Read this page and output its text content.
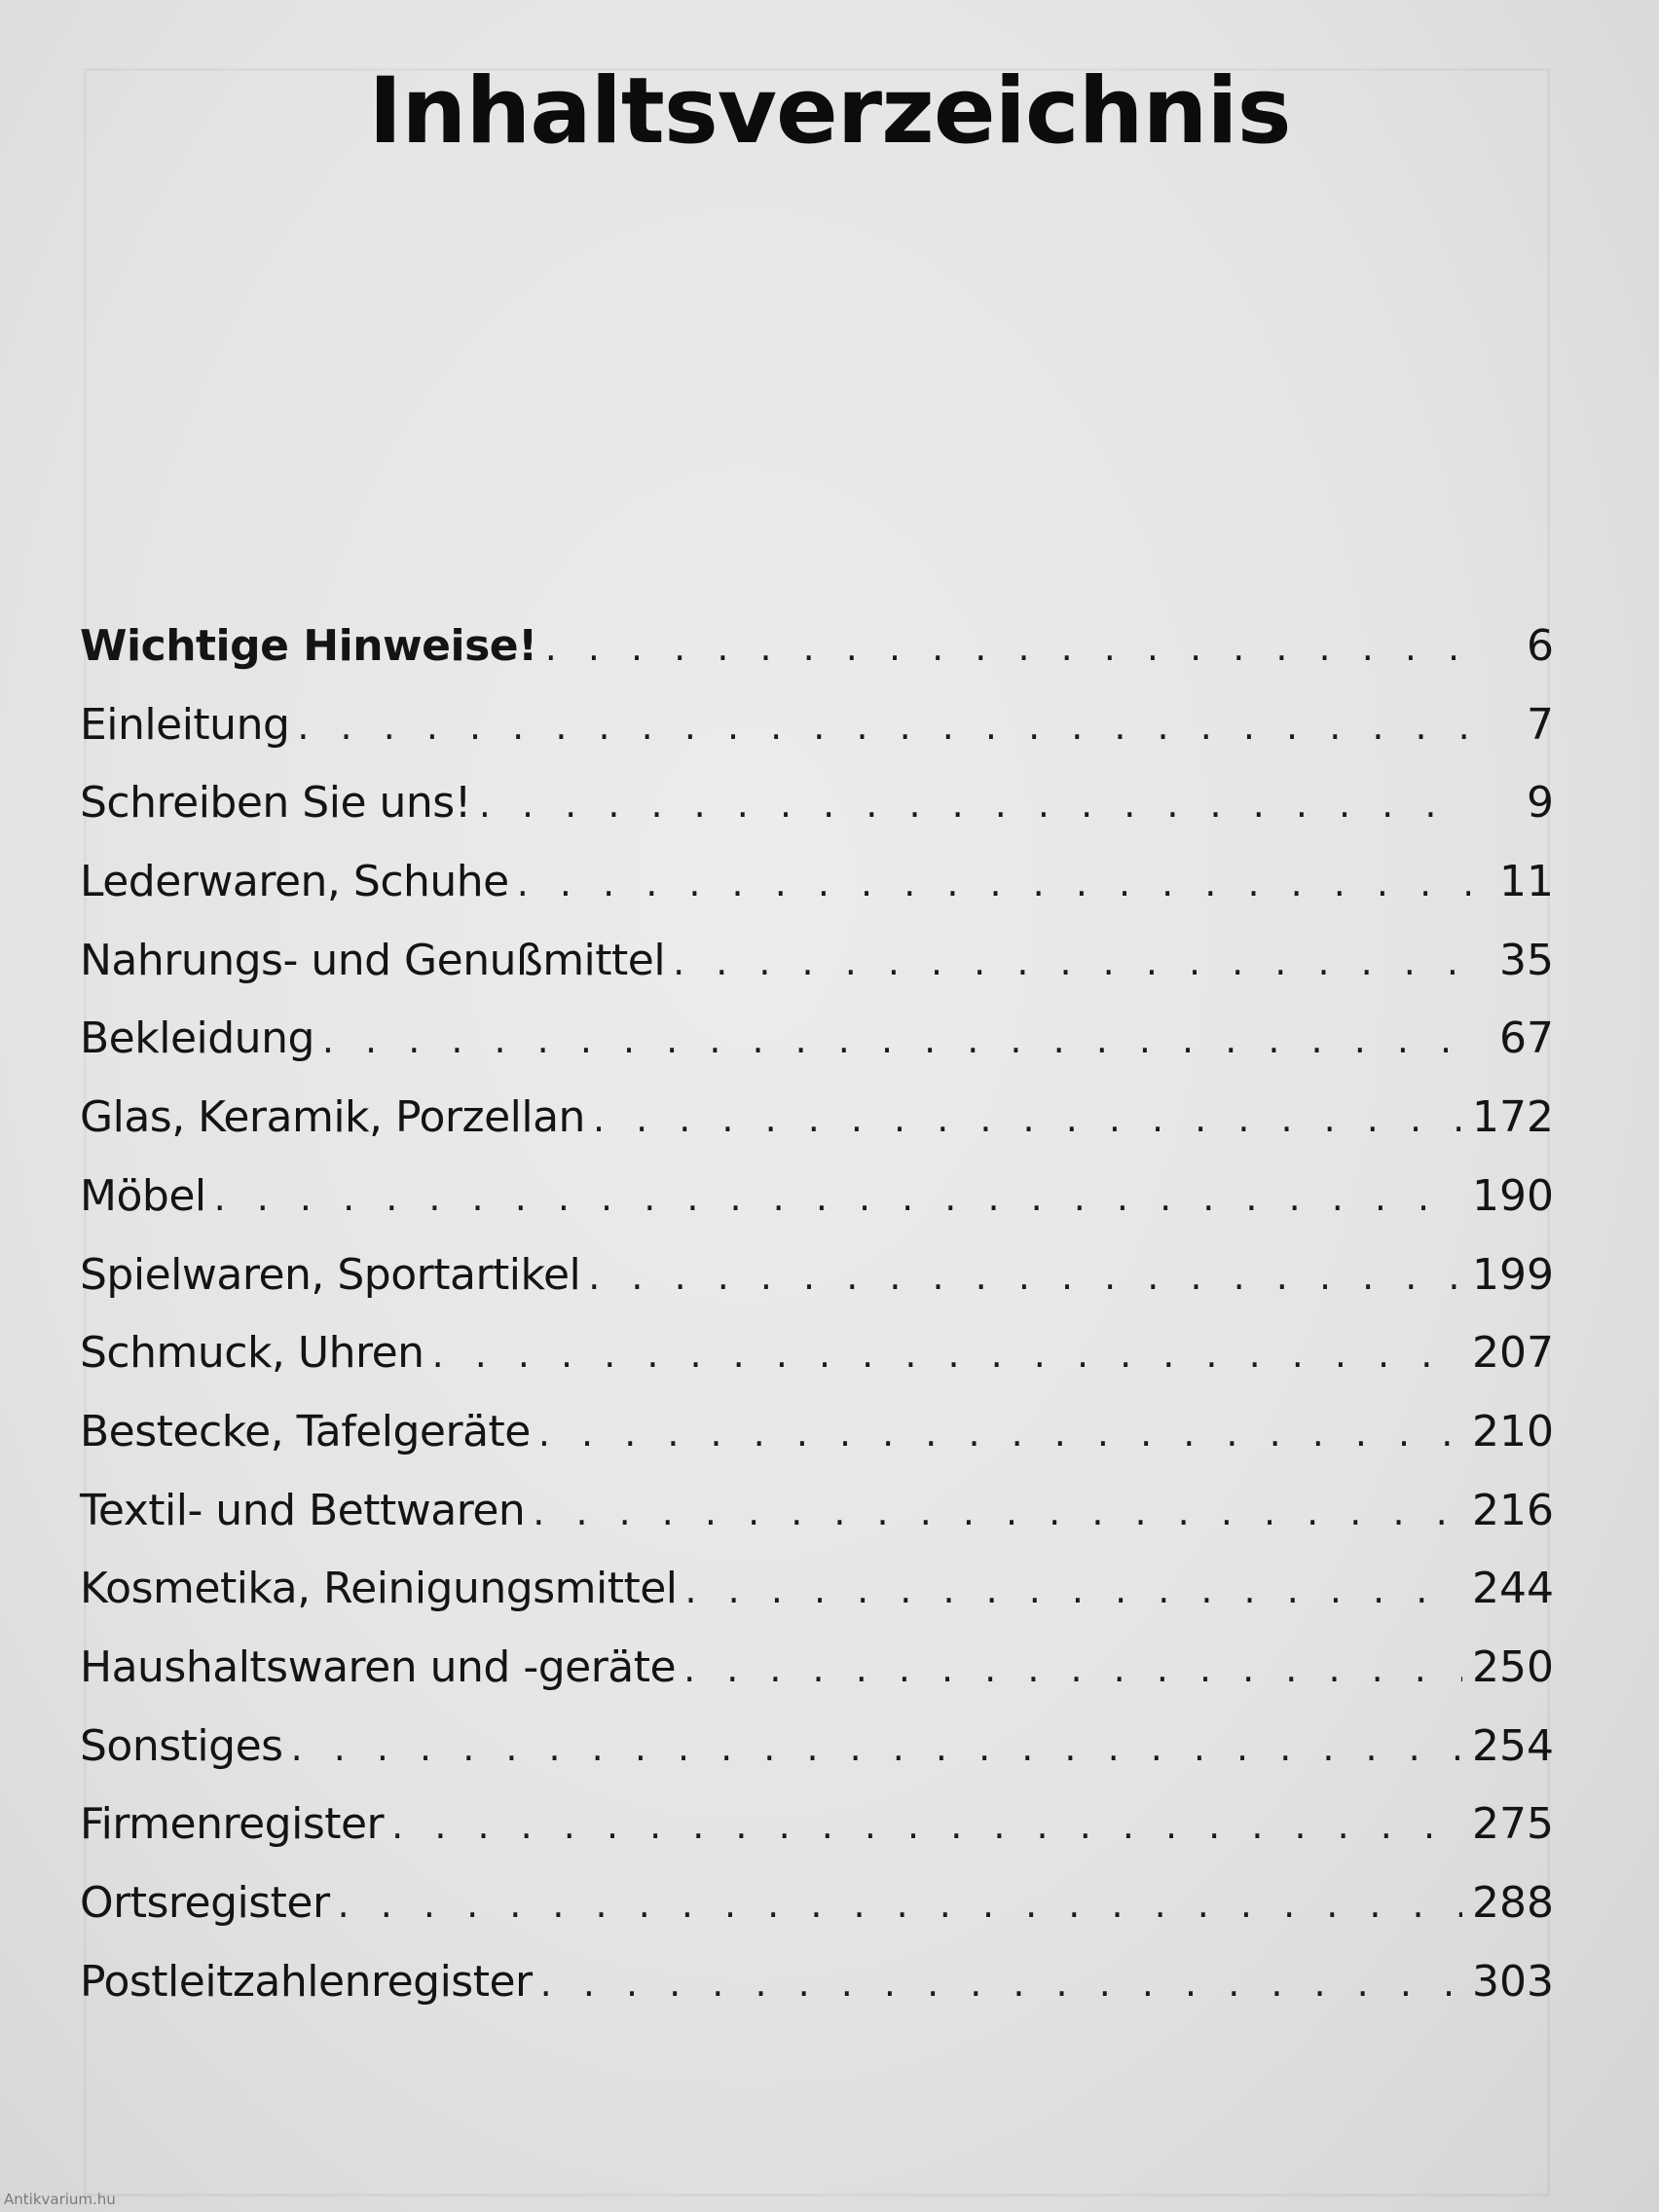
Inhaltsverzeichnis
Wichtige Hinweise! . . .	6
Einleitung . . .	7
Schreiben Sie uns! . . .	9
Lederwaren, Schuhe . . .	11
Nahrungs- und Genußmittel . . .	35
Bekleidung . . .	67
Glas, Keramik, Porzellan . . .	172
Möbel . . .	190
Spielwaren, Sportartikel . . .	199
Schmuck, Uhren . . .	207
Bestecke, Tafelgeräte . . .	210
Textil- und Bettwaren . . .	216
Kosmetika, Reinigungsmittel . . .	244
Haushaltswaren und -geräte . . .	250
Sonstiges . . .	254
Firmenregister . . .	275
Ortsregister . . .	288
Postleitzahlenregister . . .	303
Antikvarium.hu
